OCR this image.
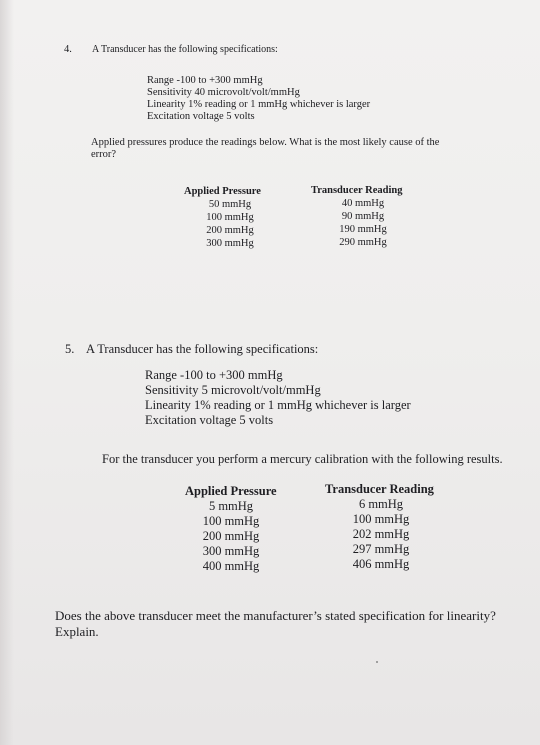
4. A Transducer has the following specifications:
Range -100 to +300 mmHg
Sensitivity 40 microvolt/volt/mmHg
Linearity 1% reading or 1 mmHg whichever is larger
Excitation voltage 5 volts
Applied pressures produce the readings below. What is the most likely cause of the
error?
Applied Pressure	Transducer Reading
50 mmHg
100 mmHg
200 mmHg
300 mmHg
40 mmHg
90 mmHg
190 mmHg
290 mmHg
5. A Transducer has the following specifications:
Range -100 to +300 mmHg
Sensitivity 5 microvolt/volt/mmHg
Linearity 1% reading or 1 mmHg whichever is larger
Excitation voltage 5 volts
For the transducer you perform a mercury calibration with the following results.
Applied Pressure	Transducer Reading
5 mmHg
100 mmHg
200 mmHg
300 mmHg
400 mmHg
6 mmHg
100 mmHg
202 mmHg
297 mmHg
406 mmHg
Does the above transducer meet the manufacturer’s stated specification for linearity?
Explain.
